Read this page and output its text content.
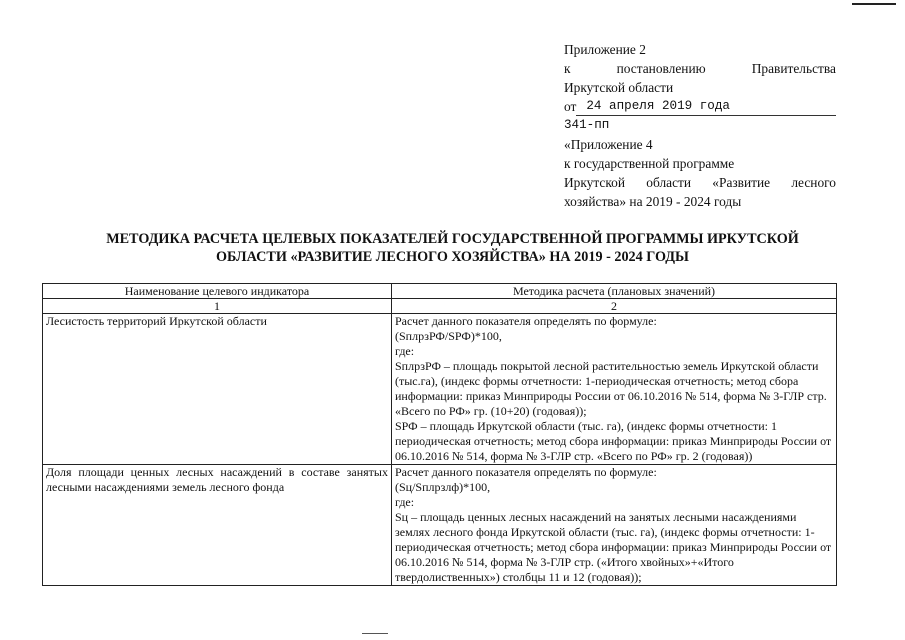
Приложение 2
к	постановлению	Правительства
Иркутской области
от 24 апреля 2019 года
341-пп
«Приложение 4
к государственной программе
Иркутской области «Развитие лесного
хозяйства» на 2019 - 2024 годы
МЕТОДИКА РАСЧЕТА ЦЕЛЕВЫХ ПОКАЗАТЕЛЕЙ ГОСУДАРСТВЕННОЙ ПРОГРАММЫ ИРКУТСКОЙ
ОБЛАСТИ «РАЗВИТИЕ ЛЕСНОГО ХОЗЯЙСТВА» НА 2019 - 2024 ГОДЫ
Наименование целевого индикатора	Методика расчета (плановых значений)
1	2
Лесистость территорий Иркутской области	Расчет данного показателя определять по формуле:
(SплрзРФ/SРФ)*100,
где:
SплрзРФ – площадь покрытой лесной растительностью земель Иркутской области (тыс.га), (индекс формы отчетности: 1-периодическая отчетность; метод сбора информации: приказ Минприроды России от 06.10.2016 № 514, форма № 3-ГЛР стр. «Всего по РФ» гр. (10+20) (годовая));
SРФ – площадь Иркутской области (тыс. га), (индекс формы отчетности: 1 периодическая отчетность; метод сбора информации: приказ Минприроды России от 06.10.2016 № 514, форма № 3-ГЛР стр. «Всего по РФ» гр. 2 (годовая))

Доля площади ценных лесных насаждений в составе занятых лесными насаждениями земель лесного фонда	Расчет данного показателя определять по формуле:
(Sц/Sплрзлф)*100,
где:
Sц – площадь ценных лесных насаждений на занятых лесными насаждениями землях лесного фонда Иркутской области (тыс. га), (индекс формы отчетности: 1-периодическая отчетность; метод сбора информации: приказ Минприроды России от 06.10.2016 № 514, форма № 3-ГЛР стр. («Итого хвойных»+«Итого твердолиственных») столбцы 11 и 12 (годовая));
